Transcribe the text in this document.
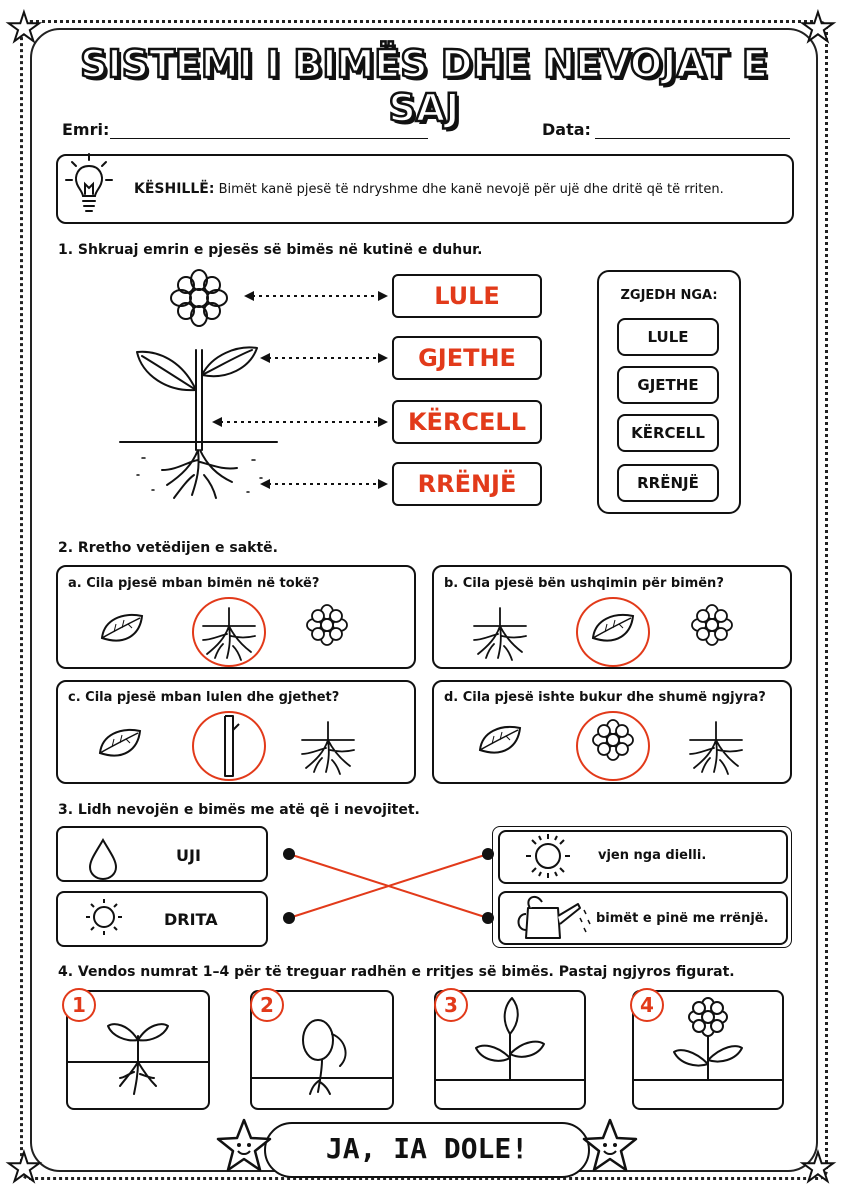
★	★
★	★
SISTEMI I BIMËS DHE NEVOJAT E SAJ
Emri:	Data:
KËSHILLË: Bimët kanë pjesë të ndryshme dhe kanë nevojë për ujë dhe dritë që të rriten.
1. Shkruaj emrin e pjesës së bimës në kutinë e duhur.
LULE
GJETHE
KËRCELL
RRËNJË
ZGJEDH NGA:
LULE
GJETHE
KËRCELL
RRËNJË
2. Rretho vetëdijen e saktë.
a. Cila pjesë mban bimën në tokë?	b. Cila pjesë bën ushqimin për bimën?
c. Cila pjesë mban lulen dhe gjethet?	d. Cila pjesë ishte bukur dhe shumë ngjyra?
3. Lidh nevojën e bimës me atë që i nevojitet.
UJI
DRITA
vjen nga dielli.
bimët e pinë me rrënjë.
4. Vendos numrat 1–4 për të treguar radhën e rritjes së bimës. Pastaj ngjyros figurat.
1	2	3	4
JA, IA DOLE!
